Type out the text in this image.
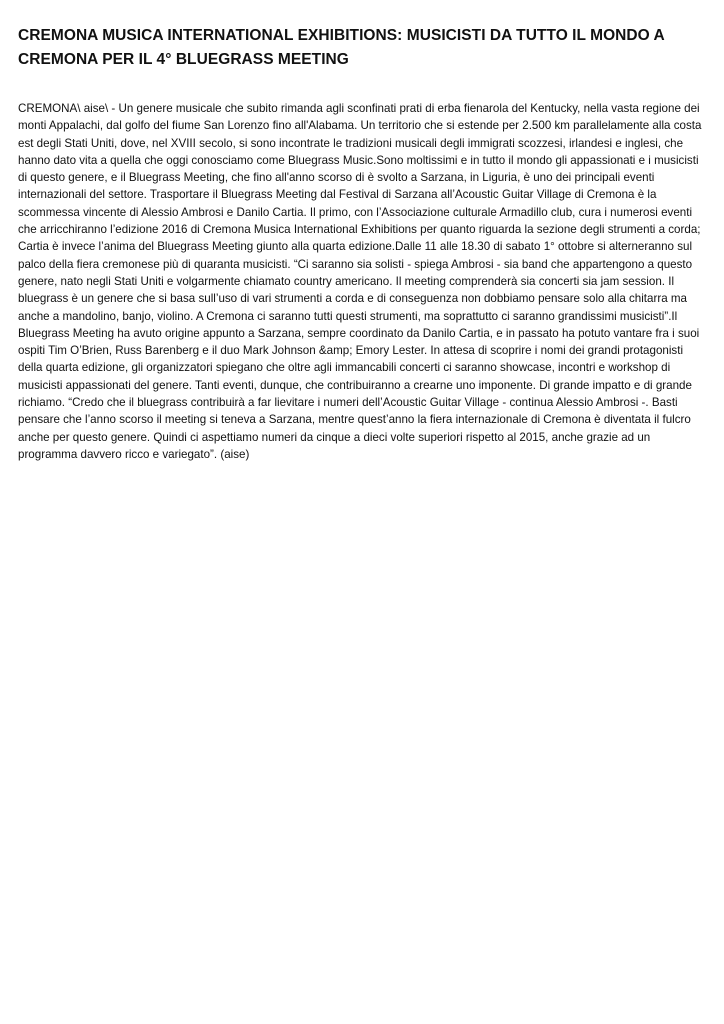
CREMONA MUSICA INTERNATIONAL EXHIBITIONS: MUSICISTI DA TUTTO IL MONDO A CREMONA PER IL 4° BLUEGRASS MEETING

CREMONA\ aise\ - Un genere musicale che subito rimanda agli sconfinati prati di erba fienarola del Kentucky, nella vasta regione dei monti Appalachi, dal golfo del fiume San Lorenzo fino all'Alabama. Un territorio che si estende per 2.500 km parallelamente alla costa est degli Stati Uniti, dove, nel XVIII secolo, si sono incontrate le tradizioni musicali degli immigrati scozzesi, irlandesi e inglesi, che hanno dato vita a quella che oggi conosciamo come Bluegrass Music.Sono moltissimi e in tutto il mondo gli appassionati e i musicisti di questo genere, e il Bluegrass Meeting, che fino all'anno scorso di è svolto a Sarzana, in Liguria, è uno dei principali eventi internazionali del settore. Trasportare il Bluegrass Meeting dal Festival di Sarzana all’Acoustic Guitar Village di Cremona è la scommessa vincente di Alessio Ambrosi e Danilo Cartia. Il primo, con l’Associazione culturale Armadillo club, cura i numerosi eventi che arricchiranno l’edizione 2016 di Cremona Musica International Exhibitions per quanto riguarda la sezione degli strumenti a corda; Cartia è invece l’anima del Bluegrass Meeting giunto alla quarta edizione.Dalle 11 alle 18.30 di sabato 1° ottobre si alterneranno sul palco della fiera cremonese più di quaranta musicisti. “Ci saranno sia solisti - spiega Ambrosi - sia band che appartengono a questo genere, nato negli Stati Uniti e volgarmente chiamato country americano. Il meeting comprenderà sia concerti sia jam session. Il bluegrass è un genere che si basa sull’uso di vari strumenti a corda e di conseguenza non dobbiamo pensare solo alla chitarra ma anche a mandolino, banjo, violino. A Cremona ci saranno tutti questi strumenti, ma soprattutto ci saranno grandissimi musicisti”.Il Bluegrass Meeting ha avuto origine appunto a Sarzana, sempre coordinato da Danilo Cartia, e in passato ha potuto vantare fra i suoi ospiti Tim O’Brien, Russ Barenberg e il duo Mark Johnson &amp; Emory Lester. In attesa di scoprire i nomi dei grandi protagonisti della quarta edizione, gli organizzatori spiegano che oltre agli immancabili concerti ci saranno showcase, incontri e workshop di musicisti appassionati del genere. Tanti eventi, dunque, che contribuiranno a crearne uno imponente. Di grande impatto e di grande richiamo. “Credo che il bluegrass contribuirà a far lievitare i numeri dell’Acoustic Guitar Village - continua Alessio Ambrosi -. Basti pensare che l’anno scorso il meeting si teneva a Sarzana, mentre quest’anno la fiera internazionale di Cremona è diventata il fulcro anche per questo genere. Quindi ci aspettiamo numeri da cinque a dieci volte superiori rispetto al 2015, anche grazie ad un programma davvero ricco e variegato”. (aise)
